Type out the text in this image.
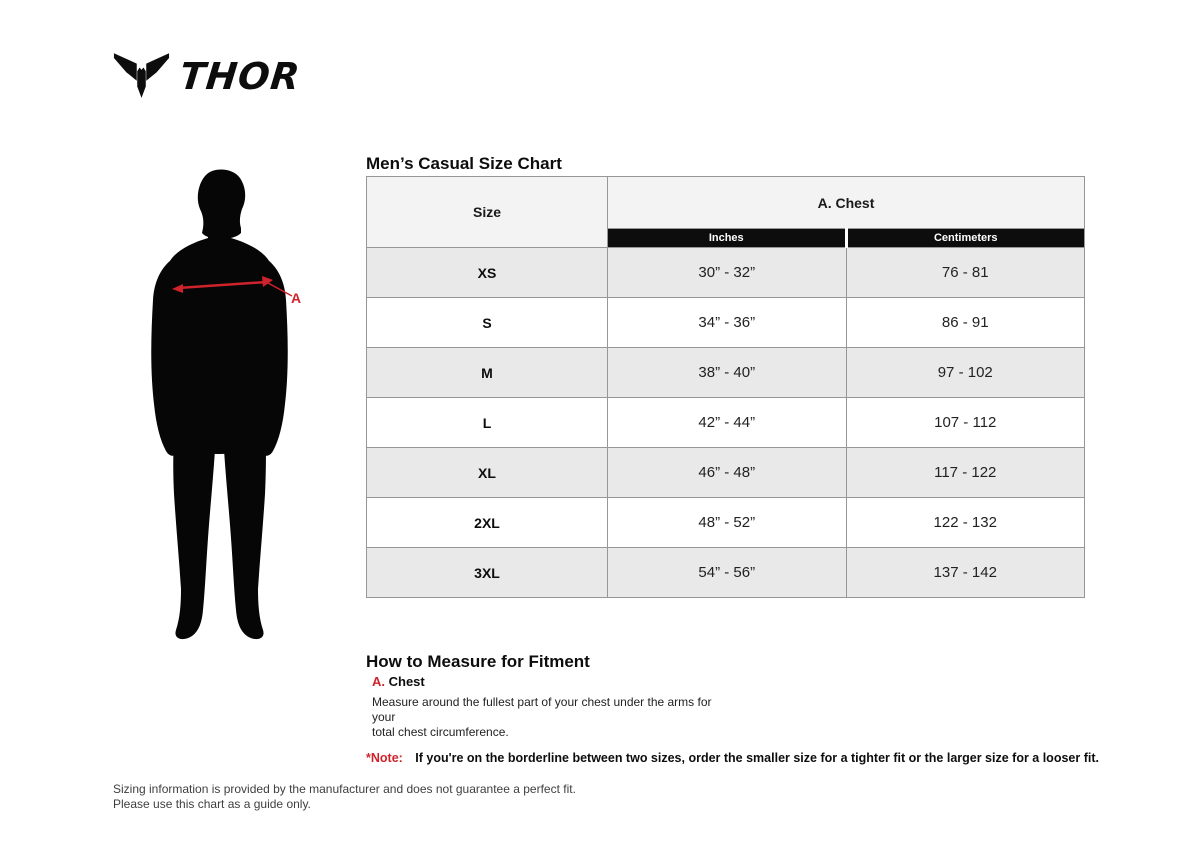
THOR
A
Men’s Casual Size Chart
Size	A. Chest	
	Inches	Centimeters
XS	30” - 32”	76 - 81
S	34” - 36”	86 - 91
M	38” - 40”	97 - 102
L	42” - 44”	107 - 112
XL	46” - 48”	117 - 122
2XL	48” - 52”	122 - 132
3XL	54” - 56”	137 - 142
How to Measure for Fitment
A. Chest
Measure around the fullest part of your chest under the arms for your
total chest circumference.
*Note: If you're on the borderline between two sizes, order the smaller size for a tighter fit or the larger size for a looser fit.
Sizing information is provided by the manufacturer and does not guarantee a perfect fit.
Please use this chart as a guide only.
